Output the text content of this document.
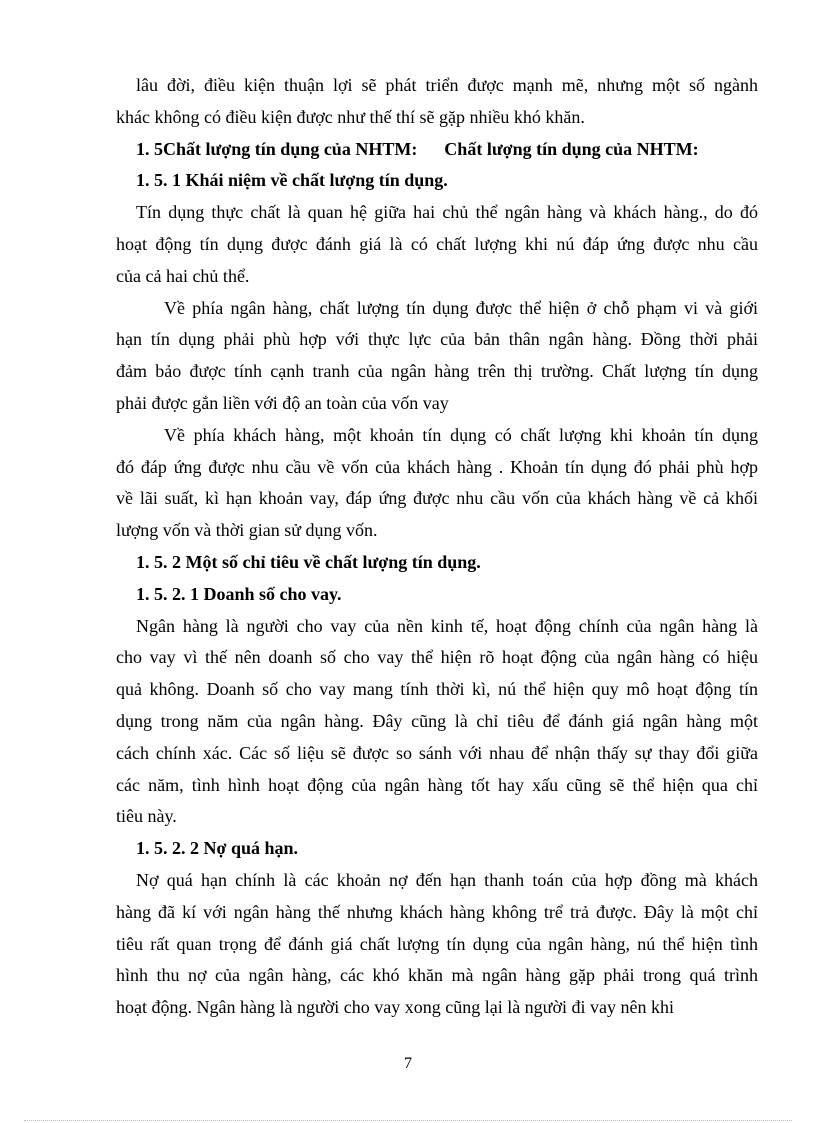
lâu đời, điều kiện thuận lợi sẽ phát triển được mạnh mẽ, nhưng một số ngành
khác không có điều kiện được như thế thí sẽ gặp nhiều khó khăn.
1. 5Chất lượng tín dụng của NHTM:      Chất lượng tín dụng của NHTM:
1. 5. 1 Khái niệm về chất lượng tín dụng.
Tín dụng thực chất là quan hệ giữa hai chủ thể ngân hàng và khách hàng., do đó
hoạt động tín dụng được đánh giá là có chất lượng khi nú đáp ứng được nhu cầu
của cả hai chủ thể.
Về phía ngân hàng, chất lượng tín dụng được thể hiện ở chỗ phạm vi và giới
hạn tín dụng phải phù hợp với thực lực của bản thân ngân hàng. Đồng thời phải
đảm bảo được tính cạnh tranh của ngân hàng trên thị trường. Chất lượng tín dụng
phải được gắn liền với độ an toàn của vốn vay
Về phía khách hàng, một khoản tín dụng có chất lượng khi khoản tín dụng
đó đáp ứng được nhu cầu về vốn của khách hàng . Khoản tín dụng đó phải phù hợp
về lãi suất, kì hạn khoản vay, đáp ứng được nhu cầu vốn của khách hàng về cả khối
lượng vốn và thời gian sử dụng vốn.
1. 5. 2 Một số chỉ tiêu về chất lượng tín dụng.
1. 5. 2. 1 Doanh số cho vay.
Ngân hàng là người cho vay của nền kinh tế, hoạt động chính của ngân hàng là
cho vay vì thế nên doanh số cho vay thể hiện rõ hoạt động của ngân hàng có hiệu
quả không. Doanh số cho vay mang tính thời kì, nú thể hiện quy mô hoạt động tín
dụng trong năm của ngân hàng. Đây cũng là chỉ tiêu để đánh giá ngân hàng một
cách chính xác. Các số liệu sẽ được so sánh với nhau để nhận thấy sự thay đổi giữa
các năm, tình hình hoạt động của ngân hàng tốt hay xấu cũng sẽ thể hiện qua chỉ
tiêu này.
1. 5. 2. 2 Nợ quá hạn.
Nợ quá hạn chính là các khoản nợ đến hạn thanh toán của hợp đồng mà khách
hàng đã kí với ngân hàng thế nhưng khách hàng không trể trả được. Đây là một chỉ
tiêu rất quan trọng để đánh giá chất lượng tín dụng của ngân hàng, nú thể hiện tình
hình thu nợ của ngân hàng, các khó khăn mà ngân hàng gặp phải trong quá trình
hoạt động. Ngân hàng là người cho vay xong cũng lại là người đi vay nên khi
7
